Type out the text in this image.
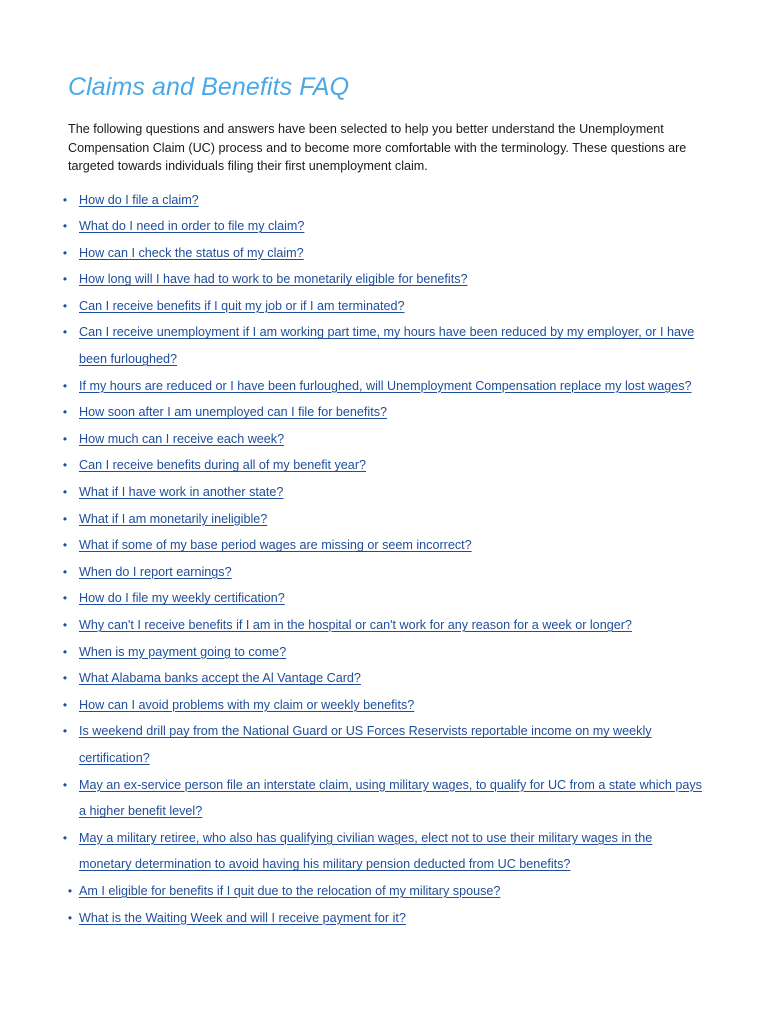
Claims and Benefits FAQ

The following questions and answers have been selected to help you better understand the Unemployment Compensation Claim (UC) process and to become more comfortable with the terminology. These questions are targeted towards individuals filing their first unemployment claim.

• How do I file a claim?
• What do I need in order to file my claim?
• How can I check the status of my claim?
• How long will I have had to work to be monetarily eligible for benefits?
• Can I receive benefits if I quit my job or if I am terminated?
• Can I receive unemployment if I am working part time, my hours have been reduced by my employer, or I have been furloughed?
• If my hours are reduced or I have been furloughed, will Unemployment Compensation replace my lost wages?
• How soon after I am unemployed can I file for benefits?
• How much can I receive each week?
• Can I receive benefits during all of my benefit year?
• What if I have work in another state?
• What if I am monetarily ineligible?
• What if some of my base period wages are missing or seem incorrect?
• When do I report earnings?
• How do I file my weekly certification?
• Why can't I receive benefits if I am in the hospital or can't work for any reason for a week or longer?
• When is my payment going to come?
• What Alabama banks accept the Al Vantage Card?
• How can I avoid problems with my claim or weekly benefits?
• Is weekend drill pay from the National Guard or US Forces Reservists reportable income on my weekly certification?
• May an ex-service person file an interstate claim, using military wages, to qualify for UC from a state which pays a higher benefit level?
• May a military retiree, who also has qualifying civilian wages, elect not to use their military wages in the monetary determination to avoid having his military pension deducted from UC benefits?
• Am I eligible for benefits if I quit due to the relocation of my military spouse?
• What is the Waiting Week and will I receive payment for it?
